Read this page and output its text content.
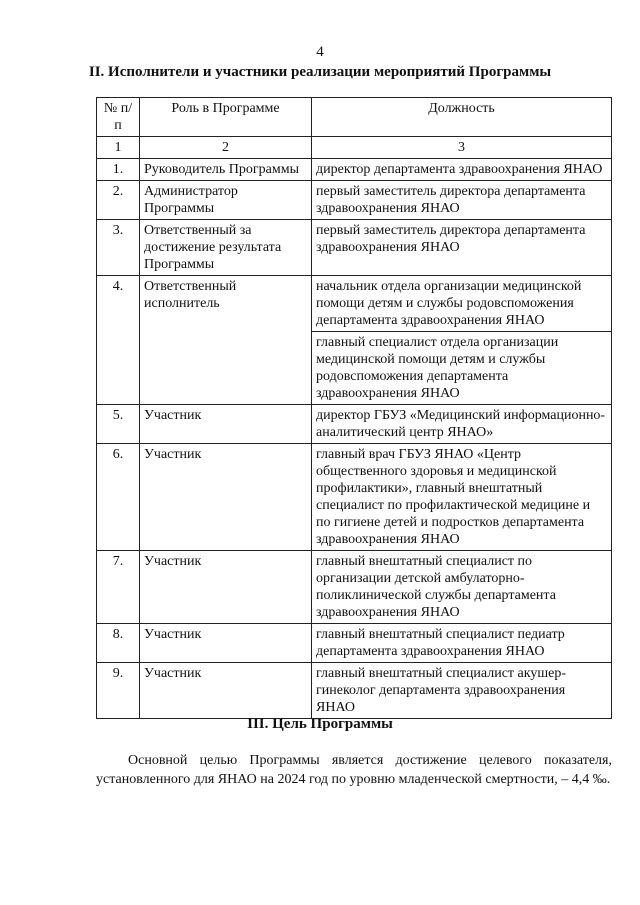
4
II. Исполнители и участники реализации мероприятий Программы
№ п/п	Роль в Программе	Должность
1	2	3
1.	Руководитель Программы	директор департамента здравоохранения ЯНАО
2.	Администратор Программы	первый заместитель директора департамента здравоохранения ЯНАО
3.	Ответственный за достижение результата Программы	первый заместитель директора департамента здравоохранения ЯНАО
4.	Ответственный исполнитель	начальник отдела организации медицинской помощи детям и службы родовспоможения департамента здравоохранения ЯНАО
главный специалист отдела организации медицинской помощи детям и службы родовспоможения департамента здравоохранения ЯНАО

5.	Участник	директор ГБУЗ «Медицинский информационно-аналитический центр ЯНАО»
6.	Участник	главный врач ГБУЗ ЯНАО «Центр общественного здоровья и медицинской профилактики», главный внештатный специалист по профилактической медицине и по гигиене детей и подростков департамента здравоохранения ЯНАО
7.	Участник	главный внештатный специалист по организации детской амбулаторно-поликлинической службы департамента здравоохранения ЯНАО
8.	Участник	главный внештатный специалист педиатр департамента здравоохранения ЯНАО
9.	Участник	главный внештатный специалист акушер-гинеколог департамента здравоохранения ЯНАО
III. Цель Программы
Основной целью Программы является достижение целевого показателя, установленного для ЯНАО на 2024 год по уровню младенческой смертности, – 4,4 ‰.
